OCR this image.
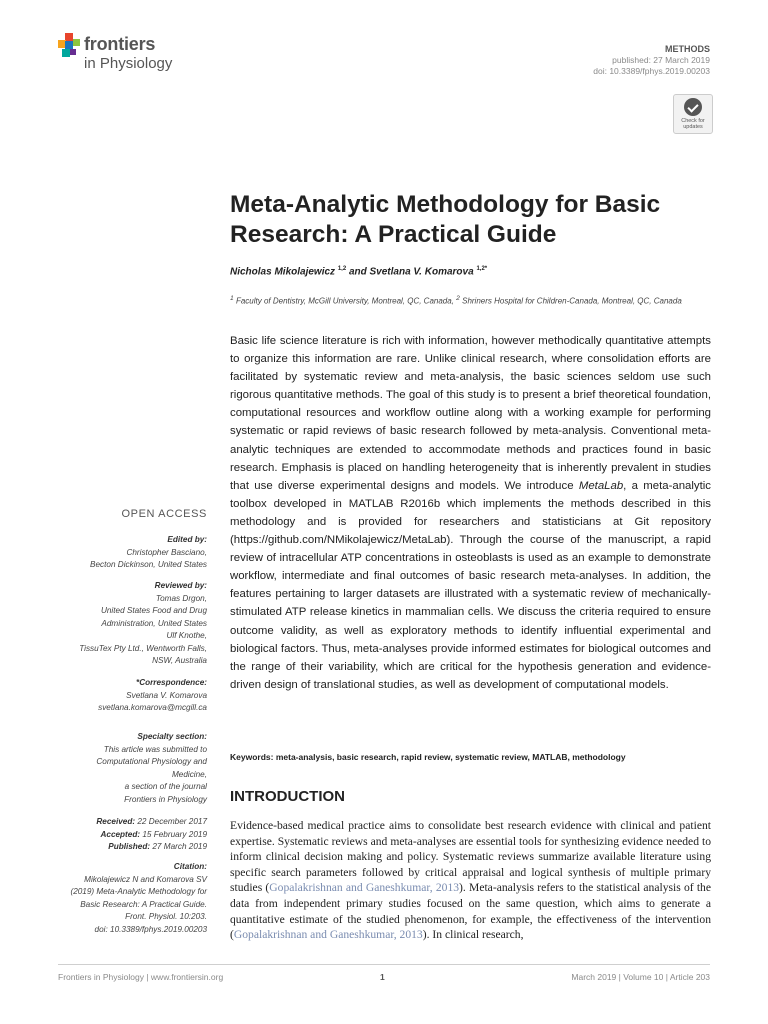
frontiers
in Physiology
METHODS
published: 27 March 2019
doi: 10.3389/fphys.2019.00203
Check for
updates
Meta-Analytic Methodology for Basic
Research: A Practical Guide
Nicholas Mikolajewicz $^{1,2}$ and Svetlana V. Komarova $^{1,2*}$
$^1$ Faculty of Dentistry, McGill University, Montreal, QC, Canada, $^2$ Shriners Hospital for Children-Canada, Montreal, QC, Canada
Basic life science literature is rich with information, however methodically quantitative attempts to organize this information are rare. Unlike clinical research, where consolidation efforts are facilitated by systematic review and meta-analysis, the basic sciences seldom use such rigorous quantitative methods. The goal of this study is to present a brief theoretical foundation, computational resources and workflow outline along with a working example for performing systematic or rapid reviews of basic research followed by meta-analysis. Conventional meta-analytic techniques are extended to accommodate methods and practices found in basic research. Emphasis is placed on handling heterogeneity that is inherently prevalent in studies that use diverse experimental designs and models. We introduce MetaLab, a meta-analytic toolbox developed in MATLAB R2016b which implements the methods described in this methodology and is provided for researchers and statisticians at Git repository (https://github.com/NMikolajewicz/MetaLab). Through the course of the manuscript, a rapid review of intracellular ATP concentrations in osteoblasts is used as an example to demonstrate workflow, intermediate and final outcomes of basic research meta-analyses. In addition, the features pertaining to larger datasets are illustrated with a systematic review of mechanically-stimulated ATP release kinetics in mammalian cells. We discuss the criteria required to ensure outcome validity, as well as exploratory methods to identify influential experimental and biological factors. Thus, meta-analyses provide informed estimates for biological outcomes and the range of their variability, which are critical for the hypothesis generation and evidence-driven design of translational studies, as well as development of computational models.
Keywords: meta-analysis, basic research, rapid review, systematic review, MATLAB, methodology
INTRODUCTION
Evidence-based medical practice aims to consolidate best research evidence with clinical and patient expertise. Systematic reviews and meta-analyses are essential tools for synthesizing evidence needed to inform clinical decision making and policy. Systematic reviews summarize available literature using specific search parameters followed by critical appraisal and logical synthesis of multiple primary studies (Gopalakrishnan and Ganeshkumar, 2013). Meta-analysis refers to the statistical analysis of the data from independent primary studies focused on the same question, which aims to generate a quantitative estimate of the studied phenomenon, for example, the effectiveness of the intervention (Gopalakrishnan and Ganeshkumar, 2013). In clinical research,
OPEN ACCESS
Edited by:
Christopher Basciano,
Becton Dickinson, United States
Reviewed by:
Tomas Drgon,
United States Food and Drug
Administration, United States
Ulf Knothe,
TissuTex Pty Ltd., Wentworth Falls,
NSW, Australia
*Correspondence:
Svetlana V. Komarova
svetlana.komarova@mcgill.ca
Specialty section:
This article was submitted to
Computational Physiology and
Medicine,
a section of the journal
Frontiers in Physiology
Received: 22 December 2017
Accepted: 15 February 2019
Published: 27 March 2019
Citation:
Mikolajewicz N and Komarova SV
(2019) Meta-Analytic Methodology for
Basic Research: A Practical Guide.
Front. Physiol. 10:203.
doi: 10.3389/fphys.2019.00203
Frontiers in Physiology | www.frontiersin.org	1	March 2019 | Volume 10 | Article 203
